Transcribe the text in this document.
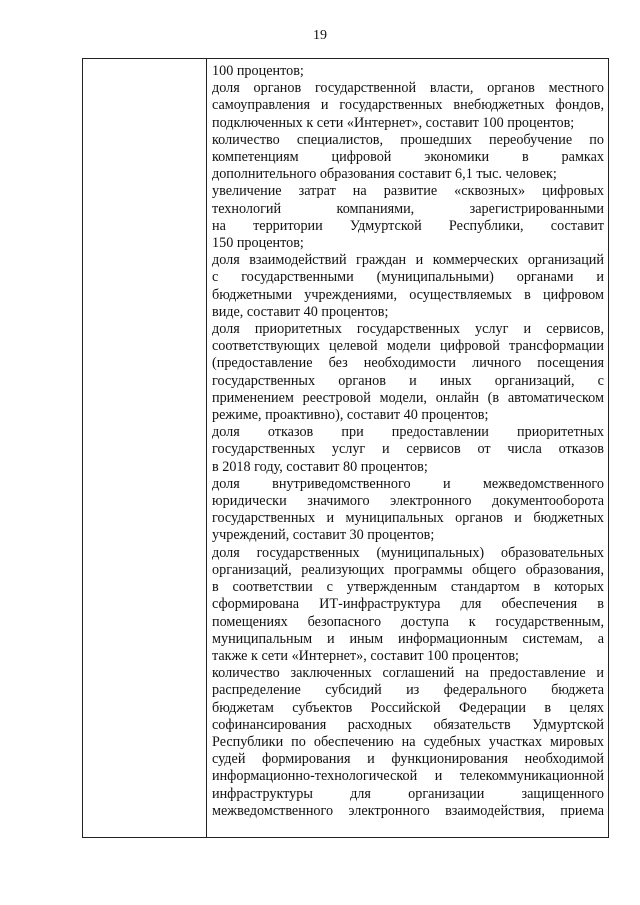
19
100 процентов;
доля органов государственной власти, органов местного
самоуправления и государственных внебюджетных фондов,
подключенных к сети «Интернет», составит 100 процентов;
количество специалистов, прошедших переобучение по
компетенциям цифровой экономики в рамках
дополнительного образования составит 6,1 тыс. человек;
увеличение затрат на развитие «сквозных» цифровых
технологий компаниями, зарегистрированными
на территории Удмуртской Республики, составит
150 процентов;
доля взаимодействий граждан и коммерческих организаций
с государственными (муниципальными) органами и
бюджетными учреждениями, осуществляемых в цифровом
виде, составит 40 процентов;
доля приоритетных государственных услуг и сервисов,
соответствующих целевой модели цифровой трансформации
(предоставление без необходимости личного посещения
государственных органов и иных организаций, с
применением реестровой модели, онлайн (в автоматическом
режиме, проактивно), составит 40 процентов;
доля отказов при предоставлении приоритетных
государственных услуг и сервисов от числа отказов
в 2018 году, составит 80 процентов;
доля внутриведомственного и межведомственного
юридически значимого электронного документооборота
государственных и муниципальных органов и бюджетных
учреждений, составит 30 процентов;
доля государственных (муниципальных) образовательных
организаций, реализующих программы общего образования,
в соответствии с утвержденным стандартом в которых
сформирована ИТ-инфраструктура для обеспечения в
помещениях безопасного доступа к государственным,
муниципальным и иным информационным системам, а
также к сети «Интернет», составит 100 процентов;
количество заключенных соглашений на предоставление и
распределение субсидий из федерального бюджета
бюджетам субъектов Российской Федерации в целях
софинансирования расходных обязательств Удмуртской
Республики по обеспечению на судебных участках мировых
судей формирования и функционирования необходимой
информационно-технологической и телекоммуникационной
инфраструктуры для организации защищенного
межведомственного электронного взаимодействия, приема
